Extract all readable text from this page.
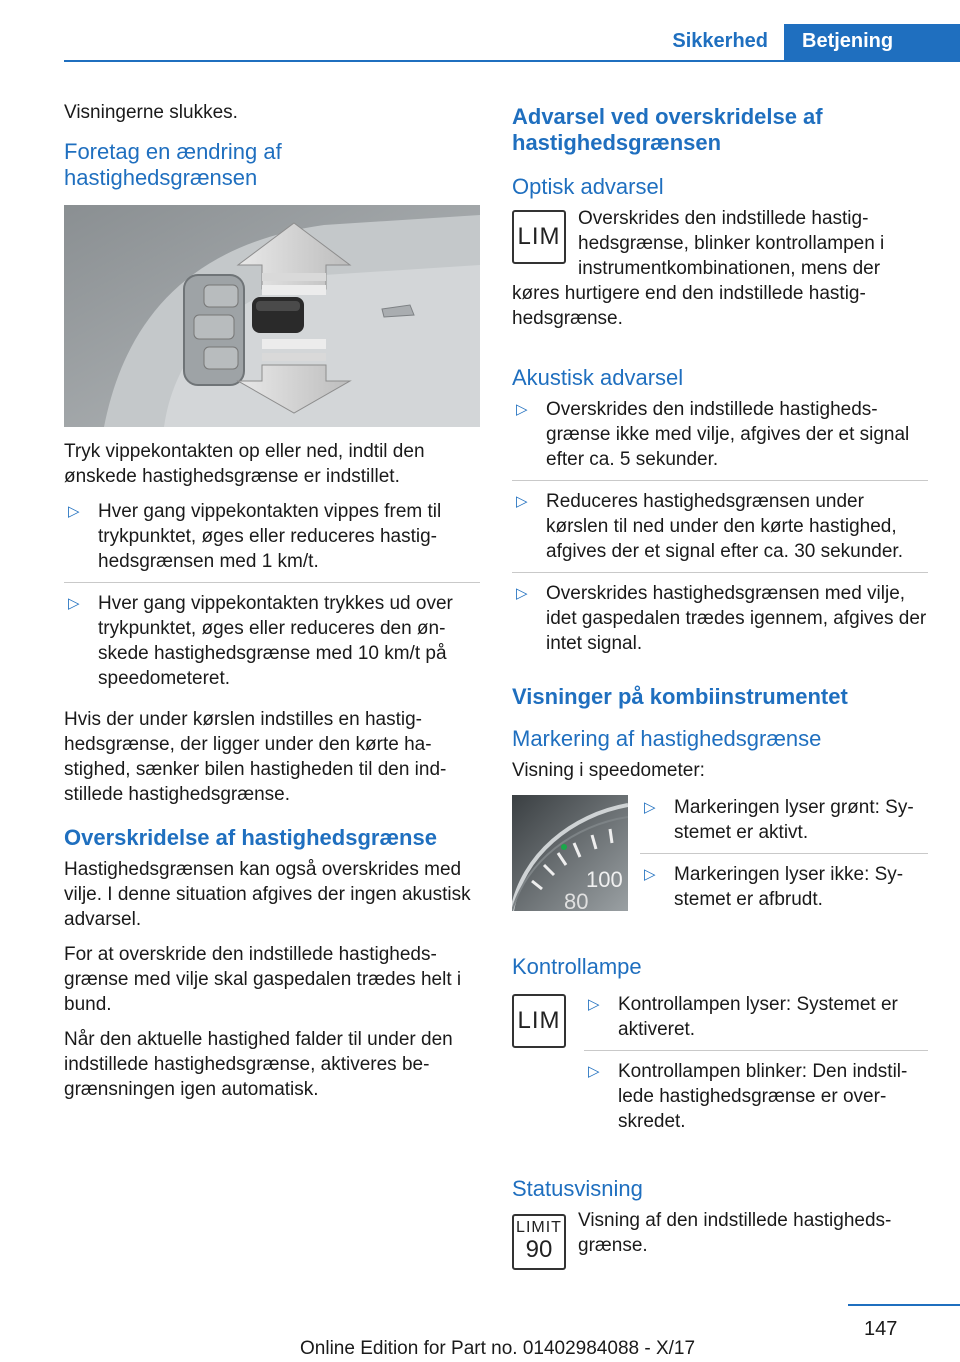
Sikkerhed	Betjening

Visningerne slukkes.

Foretag en ændring af hastighedsgrænsen

Tryk vippekontakten op eller ned, indtil den ønskede hastighedsgrænse er indstillet.

▷ Hver gang vippekontakten vippes frem til trykpunktet, øges eller reduceres hastighedsgrænsen med 1 km/t.
▷ Hver gang vippekontakten trykkes ud over trykpunktet, øges eller reduceres den ønskede hastighedsgrænse med 10 km/t på speedometeret.

Hvis der under kørslen indstilles en hastighedsgrænse, der ligger under den kørte hastighed, sænker bilen hastigheden til den indstillede hastighedsgrænse.

Overskridelse af hastighedsgrænse

Hastighedsgrænsen kan også overskrides med vilje. I denne situation afgives der ingen akustisk advarsel.

For at overskride den indstillede hastighedsgrænse med vilje skal gaspedalen trædes helt i bund.

Når den aktuelle hastighed falder til under den indstillede hastighedsgrænse, aktiveres begrænsningen igen automatisk.

Advarsel ved overskridelse af hastighedsgrænsen
Optisk advarsel
LIM

Overskrides den indstillede hastighedsgrænse, blinker kontrollampen i instrumentkombinationen, mens der køres hurtigere end den indstillede hastighedsgrænse.

Akustisk advarsel
▷ Overskrides den indstillede hastighedsgrænse ikke med vilje, afgives der et signal efter ca. 5 sekunder.
▷ Reduceres hastighedsgrænsen under kørslen til ned under den kørte hastighed, afgives der et signal efter ca. 30 sekunder.
▷ Overskrides hastighedsgrænsen med vilje, idet gaspedalen trædes igennem, afgives der intet signal.
Visninger på kombiinstrumentet
Markering af hastighedsgrænse

Visning i speedometer:

100
80
▷ Markeringen lyser grønt: Systemet er aktivt.
▷ Markeringen lyser ikke: Systemet er afbrudt.
Kontrollampe
LIM
▷ Kontrollampen lyser: Systemet er aktiveret.
▷ Kontrollampen blinker: Den indstillede hastighedsgrænse er overskredet.
Statusvisning
LIMIT
90

Visning af den indstillede hastighedsgrænse.

147
Online Edition for Part no. 01402984088 - X/17
